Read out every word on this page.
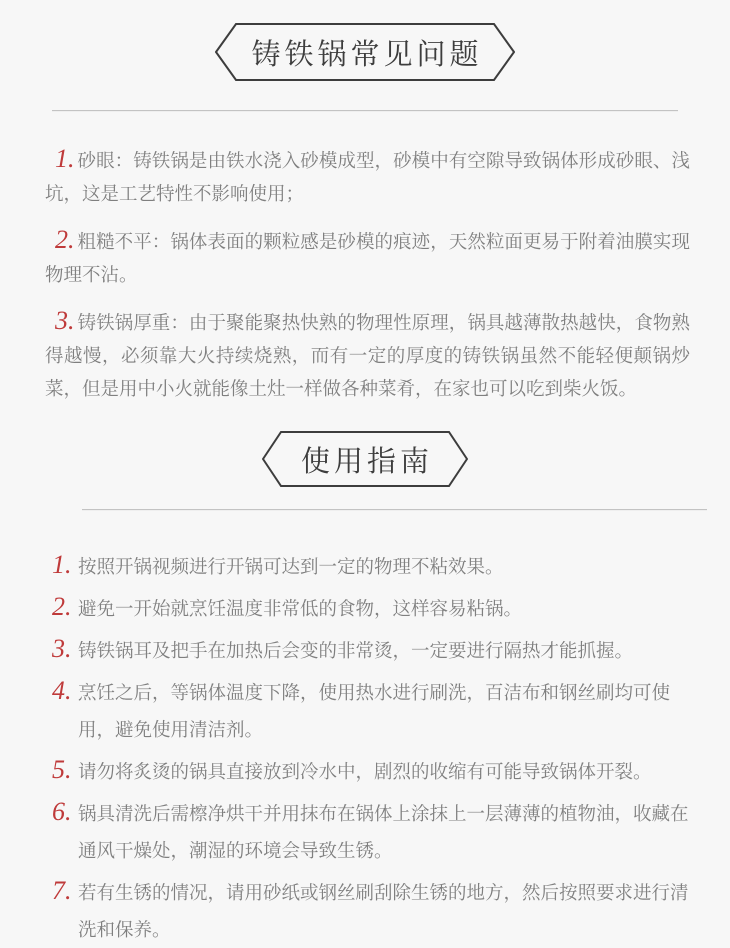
铸铁锅常见问题

1. 砂眼：铸铁锅是由铁水浇入砂模成型，砂模中有空隙导致锅体形成砂眼、浅坑，这是工艺特性不影响使用；

2. 粗糙不平：锅体表面的颗粒感是砂模的痕迹，天然粒面更易于附着油膜实现物理不沾。

3. 铸铁锅厚重：由于聚能聚热快熟的物理性原理，锅具越薄散热越快，食物熟得越慢，必须靠大火持续烧熟，而有一定的厚度的铸铁锅虽然不能轻便颠锅炒菜，但是用中小火就能像土灶一样做各种菜肴，在家也可以吃到柴火饭。

使用指南
1. 按照开锅视频进行开锅可达到一定的物理不粘效果。
2. 避免一开始就烹饪温度非常低的食物，这样容易粘锅。
3. 铸铁锅耳及把手在加热后会变的非常烫，一定要进行隔热才能抓握。
4. 烹饪之后，等锅体温度下降，使用热水进行刷洗，百洁布和钢丝刷均可使用，避免使用清洁剂。
5. 请勿将炙烫的锅具直接放到冷水中，剧烈的收缩有可能导致锅体开裂。
6. 锅具清洗后需檫净烘干并用抹布在锅体上涂抹上一层薄薄的植物油，收藏在通风干燥处，潮湿的环境会导致生锈。
7. 若有生锈的情况，请用砂纸或钢丝刷刮除生锈的地方，然后按照要求进行清洗和保养。
